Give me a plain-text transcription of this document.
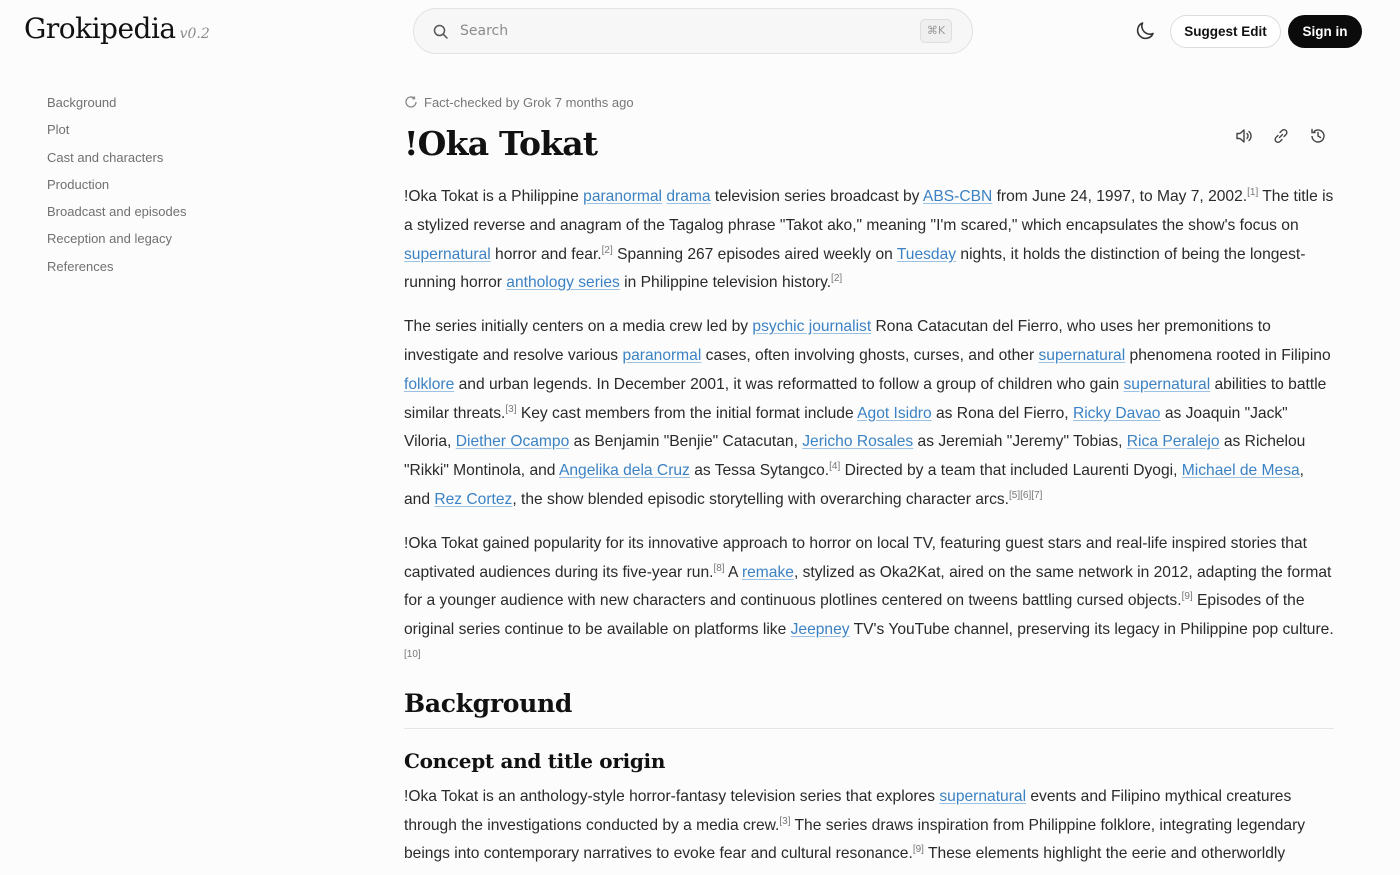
Grokipedia v0.2	Search	⌘K	Suggest Edit	Sign in
Background
Plot
Cast and characters
Production
Broadcast and episodes
Reception and legacy
References
Fact-checked by Grok 7 months ago
!Oka Tokat

!Oka Tokat is a Philippine paranormal drama television series broadcast by ABS-CBN from June 24, 1997, to May 7, 2002.[1] The title is a stylized reverse and anagram of the Tagalog phrase "Takot ako," meaning "I'm scared," which encapsulates the show's focus on supernatural horror and fear.[2] Spanning 267 episodes aired weekly on Tuesday nights, it holds the distinction of being the longest-running horror anthology series in Philippine television history.[2]

The series initially centers on a media crew led by psychic journalist Rona Catacutan del Fierro, who uses her premonitions to investigate and resolve various paranormal cases, often involving ghosts, curses, and other supernatural phenomena rooted in Filipino folklore and urban legends. In December 2001, it was reformatted to follow a group of children who gain supernatural abilities to battle similar threats.[3] Key cast members from the initial format include Agot Isidro as Rona del Fierro, Ricky Davao as Joaquin "Jack" Viloria, Diether Ocampo as Benjamin "Benjie" Catacutan, Jericho Rosales as Jeremiah "Jeremy" Tobias, Rica Peralejo as Richelou "Rikki" Montinola, and Angelika dela Cruz as Tessa Sytangco.[4] Directed by a team that included Laurenti Dyogi, Michael de Mesa, and Rez Cortez, the show blended episodic storytelling with overarching character arcs.[5][6][7]

!Oka Tokat gained popularity for its innovative approach to horror on local TV, featuring guest stars and real-life inspired stories that captivated audiences during its five-year run.[8] A remake, stylized as Oka2Kat, aired on the same network in 2012, adapting the format for a younger audience with new characters and continuous plotlines centered on tweens battling cursed objects.[9] Episodes of the original series continue to be available on platforms like Jeepney TV's YouTube channel, preserving its legacy in Philippine pop culture.[10]

Background
Concept and title origin

!Oka Tokat is an anthology-style horror-fantasy television series that explores supernatural events and Filipino mythical creatures through the investigations conducted by a media crew.[3] The series draws inspiration from Philippine folklore, integrating legendary beings into contemporary narratives to evoke fear and cultural resonance.[9] These elements highlight the eerie and otherworldly
